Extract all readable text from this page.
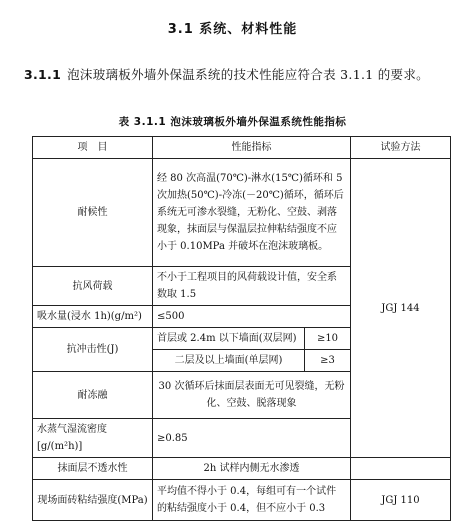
3.1 系统、材料性能
3.1.1 泡沫玻璃板外墙外保温系统的技术性能应符合表 3.1.1 的要求。
表 3.1.1 泡沫玻璃板外墙外保温系统性能指标
项　目	性能指标		试验方法
耐候性	经 80 次高温(70℃)-淋水(15℃)循环和 5 次加热(50℃)-冷冻(－20℃)循环，循环后系统无可渗水裂缝，无粉化、空鼓、剥落现象，抹面层与保温层拉伸粘结强度不应小于 0.10MPa 并破坏在泡沫玻璃板。		JGJ 144
抗风荷载	不小于工程项目的风荷载设计值，安全系数取 1.5		
吸水量(浸水 1h)(g/m²)	≤500		
抗冲击性(J)	首层或 2.4m 以下墙面(双层网)	≥10	
	二层及以上墙面(单层网)	≥3	
耐冻融	30 次循环后抹面层表面无可见裂缝，无粉化、空鼓、脱落现象		
水蒸气湿流密度[g/(m²h)]	≥0.85		
抹面层不透水性	2h 试样内侧无水渗透		
现场面砖粘结强度(MPa)	平均值不得小于 0.4，每组可有一个试件的粘结强度小于 0.4，但不应小于 0.3		JGJ 110
